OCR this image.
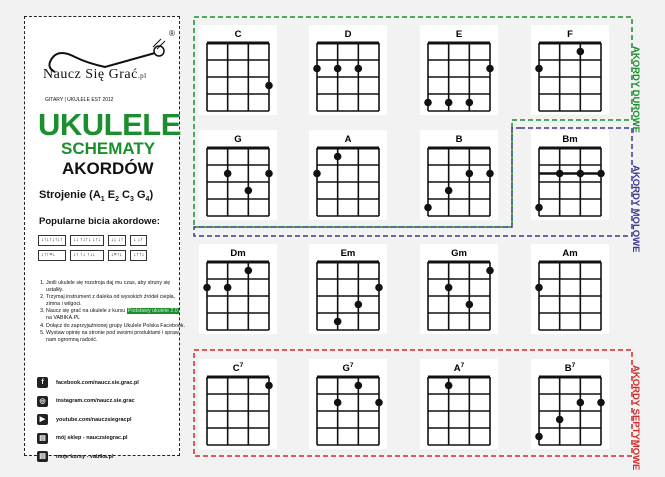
Naucz Się Grać.pl
®
GITARY | UKULELE EST 2012
UKULELE
SCHEMATY
AKORDÓW
Strojenie ($A_1$ $E_2$ $C_3$ $G_4$)
Popularne bicia akordowe:
↓↑↓↑↓↑↓↑	↓↓ ↑↓↑↓ ↓↑↓	↓↓ ↓↑	↓ ↓↑
↓↑↑×↓	↓↑ ↑↓ ↑↓↓	↓×↑↓	↓↑↑↓
1. Jeśli ukulele się rozstroja daj mu czas, aby struny się ustaliły.
2. Trzymaj instrument z daleka od wysokich źródeł ciepła, zimna i wilgoci.
3. Naucz się grać na ukulele z kursu Podstawy ukulele 2.0 na VABIKA.PL
4. Dołącz do zaprzyjaźnionej grupy Ukulele Polska Facebook.
5. Wystaw opinię na stronie pod swoimi produktami i spraw nam ogromną radość.
f	facebook.com/naucz.sie.grac.pl
◎	instagram.com/naucz.sie.grac
▶	youtube.com/nauczsiegracpl
▤	mój sklep - nauczsiegrac.pl
▤	moje kursy - vabika.pl
AKORDY DUROWE
AKORDY MOLOWE
AKORDY SEPTYMOWE
C	D	E	F
G	A	B	Bm
Dm	Em	Gm	Am
$C^7$	$G^7$	$A^7$	$B^7$
